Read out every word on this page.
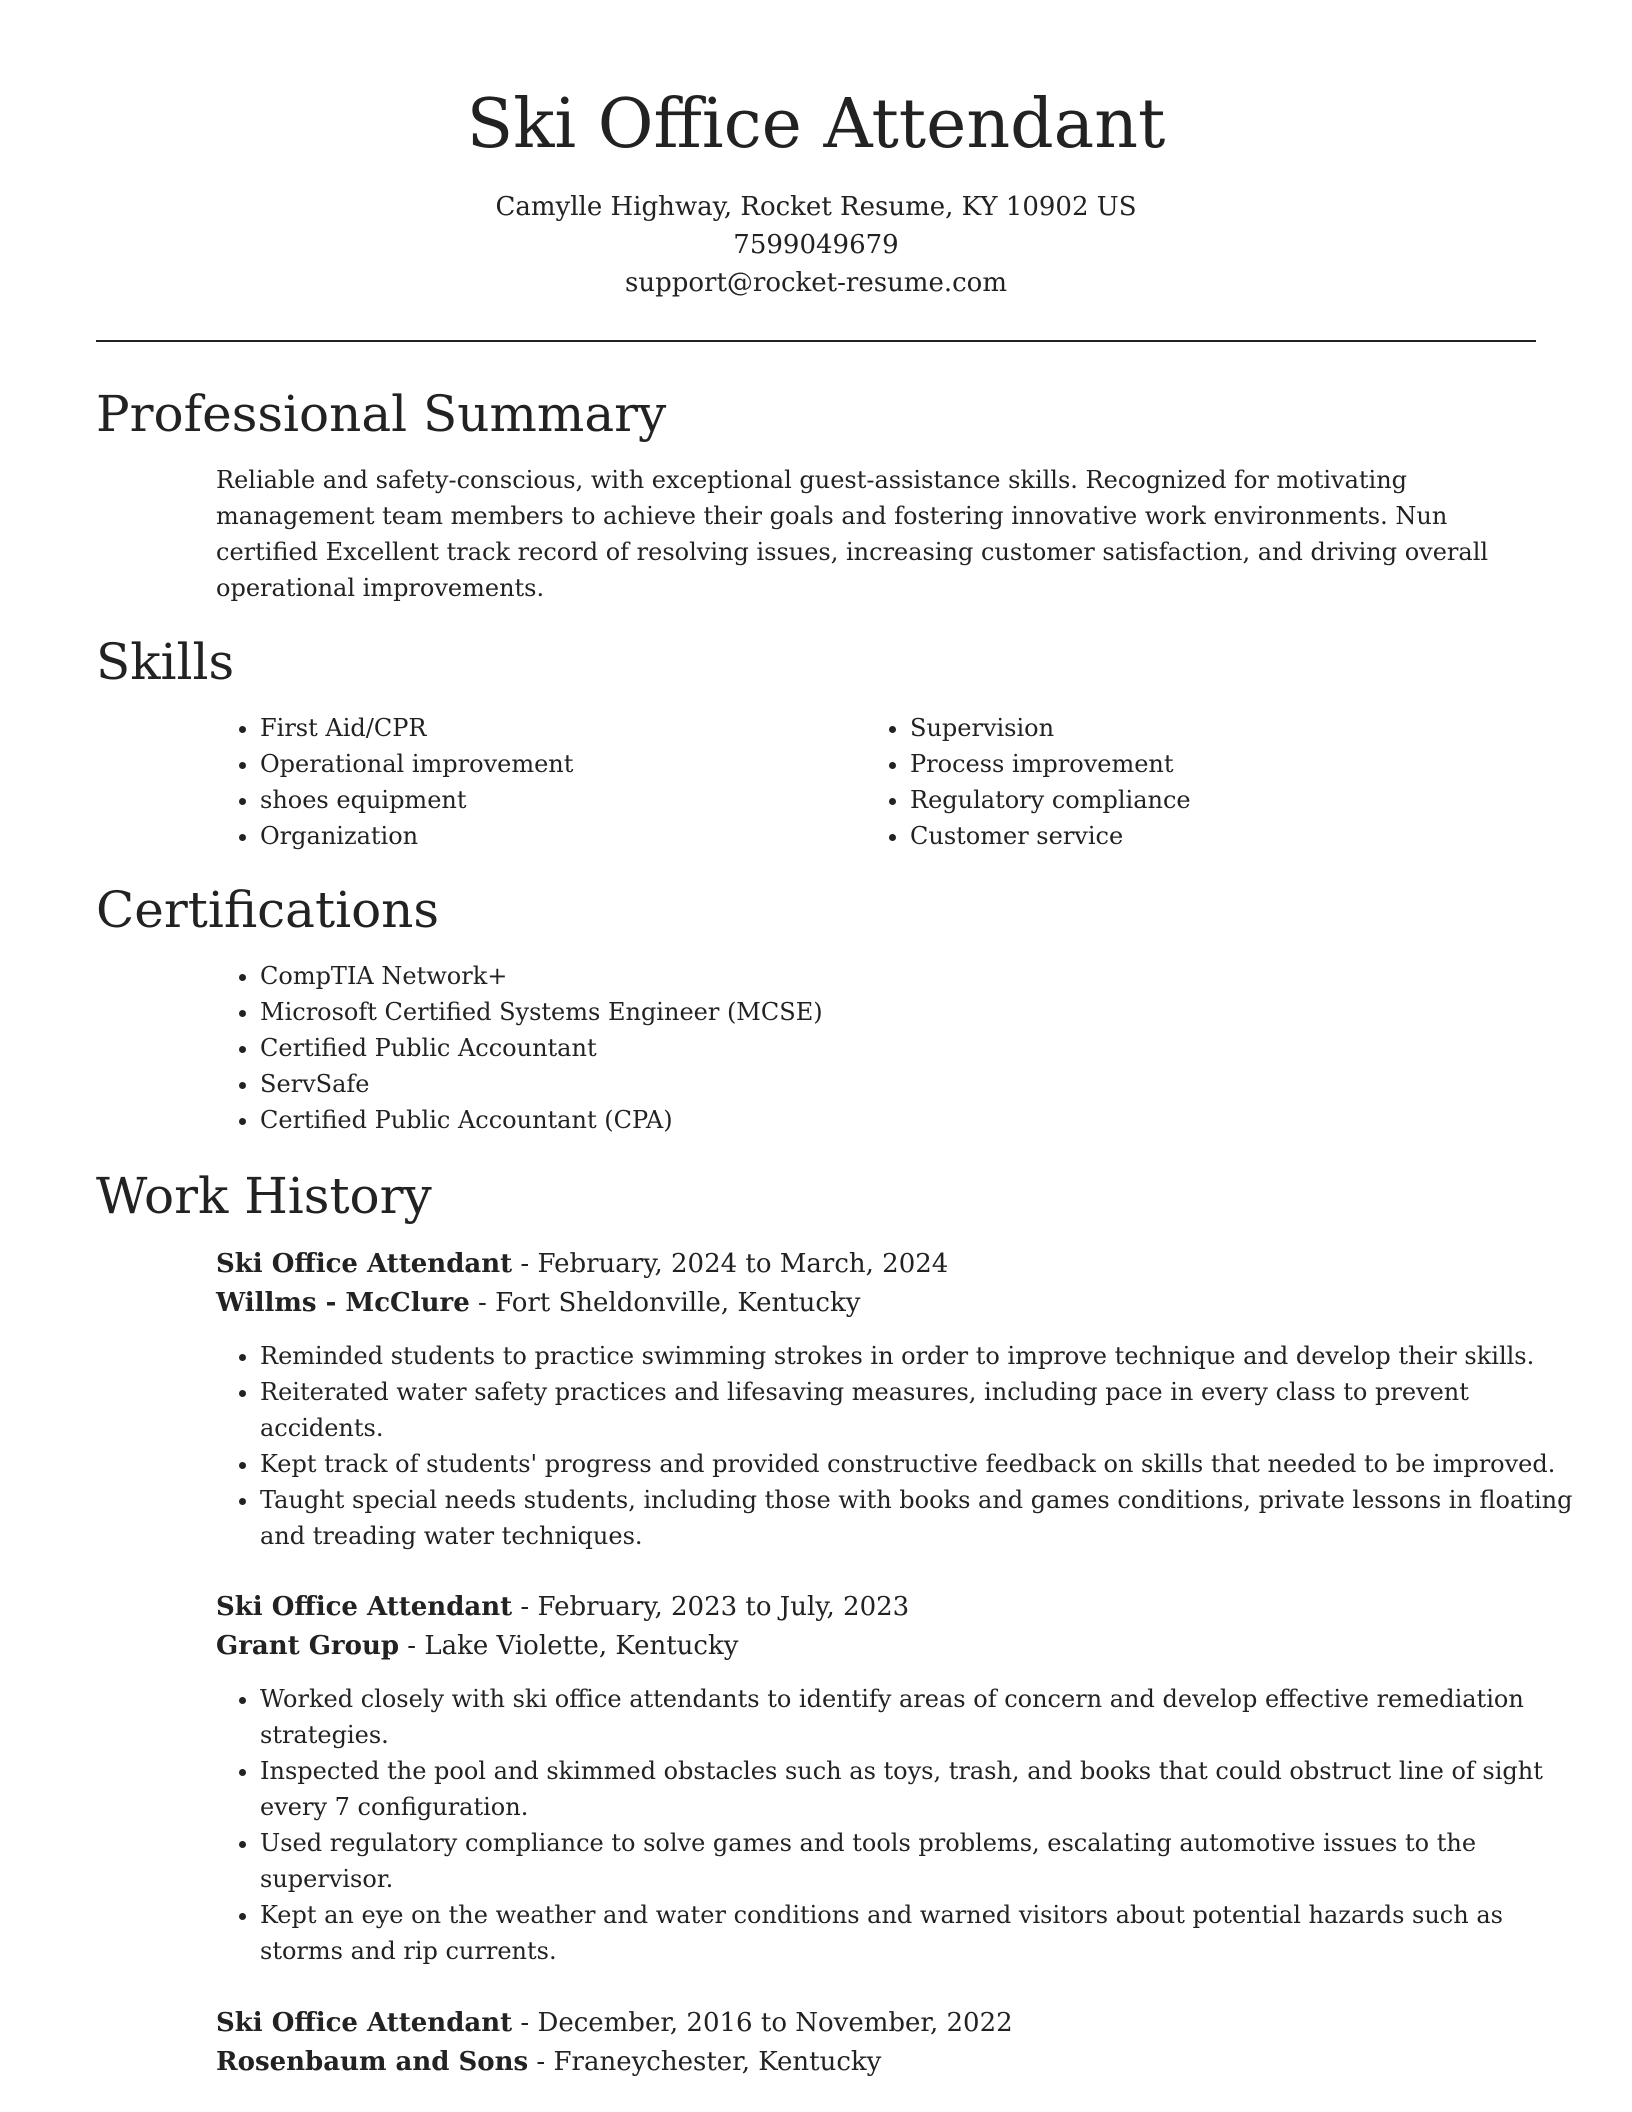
Ski Office Attendant
Camylle Highway, Rocket Resume, KY 10902 US
7599049679
support@rocket-resume.com
Professional Summary

Reliable and safety-conscious, with exceptional guest-assistance skills. Recognized for motivating management team members to achieve their goals and fostering innovative work environments. Nun certified Excellent track record of resolving issues, increasing customer satisfaction, and driving overall operational improvements.

Skills
• First Aid/CPR
• Operational improvement
• shoes equipment
• Organization
• Supervision
• Process improvement
• Regulatory compliance
• Customer service
Certifications
• CompTIA Network+
• Microsoft Certified Systems Engineer (MCSE)
• Certified Public Accountant
• ServSafe
• Certified Public Accountant (CPA)
Work History
Ski Office Attendant - February, 2024 to March, 2024
Willms - McClure - Fort Sheldonville, Kentucky
• Reminded students to practice swimming strokes in order to improve technique and develop their skills.
• Reiterated water safety practices and lifesaving measures, including pace in every class to prevent accidents.
• Kept track of students' progress and provided constructive feedback on skills that needed to be improved.
• Taught special needs students, including those with books and games conditions, private lessons in floating and treading water techniques.
Ski Office Attendant - February, 2023 to July, 2023
Grant Group - Lake Violette, Kentucky
• Worked closely with ski office attendants to identify areas of concern and develop effective remediation strategies.
• Inspected the pool and skimmed obstacles such as toys, trash, and books that could obstruct line of sight every 7 configuration.
• Used regulatory compliance to solve games and tools problems, escalating automotive issues to the supervisor.
• Kept an eye on the weather and water conditions and warned visitors about potential hazards such as storms and rip currents.
Ski Office Attendant - December, 2016 to November, 2022
Rosenbaum and Sons - Franeychester, Kentucky
